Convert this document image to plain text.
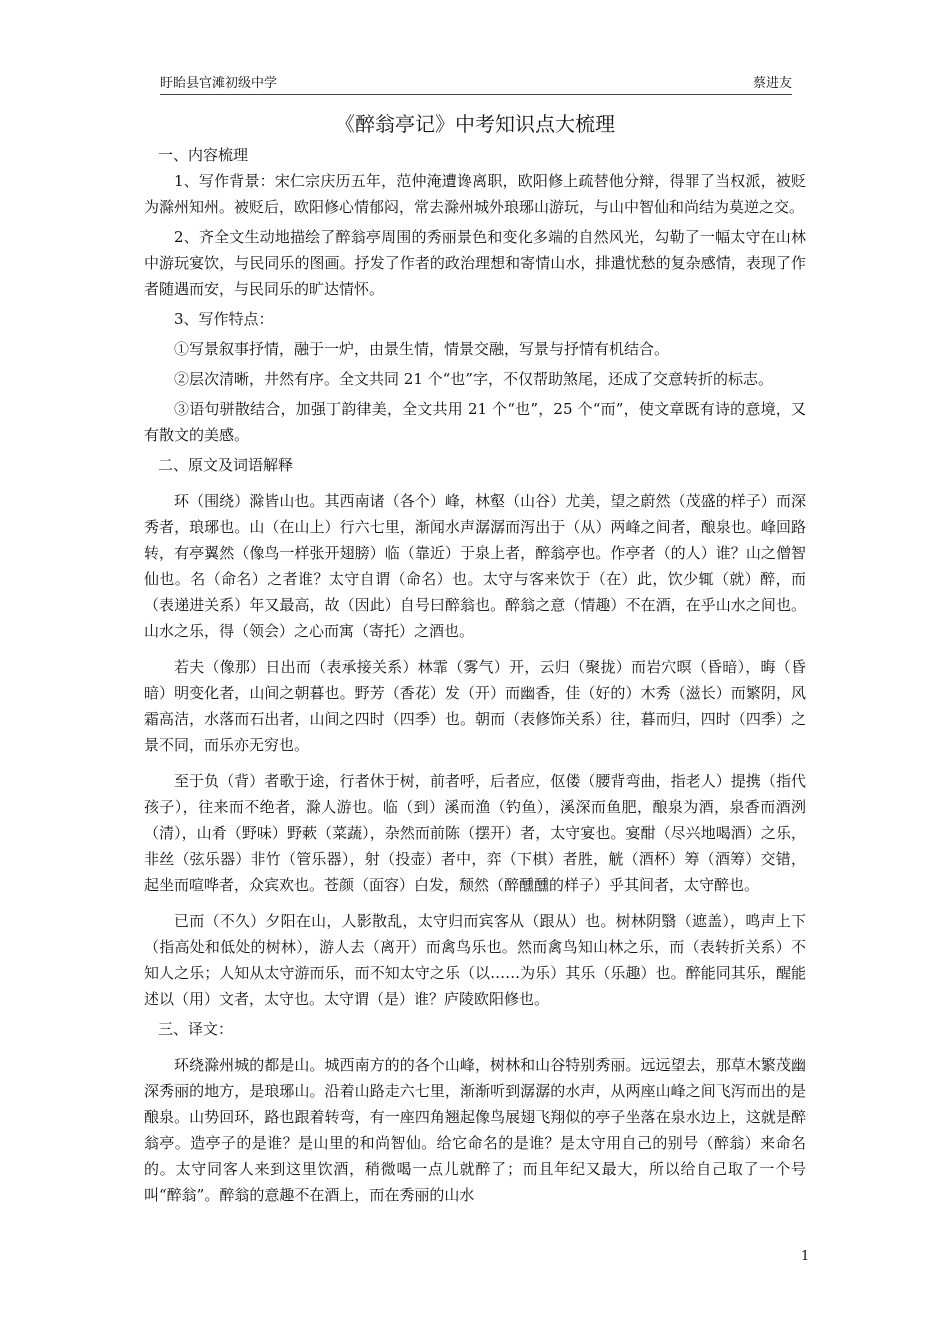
盱眙县官滩初级中学	蔡进友
《醉翁亭记》中考知识点大梳理
一、内容梳理
1、写作背景：宋仁宗庆历五年，范仲淹遭谗离职，欧阳修上疏替他分辩，得罪了当权派，被贬为滁州知州。被贬后，欧阳修心情郁闷，常去滁州城外琅琊山游玩，与山中智仙和尚结为莫逆之交。
2、齐全文生动地描绘了醉翁亭周围的秀丽景色和变化多端的自然风光，勾勒了一幅太守在山林中游玩宴饮，与民同乐的图画。抒发了作者的政治理想和寄情山水，排遣忧愁的复杂感情，表现了作者随遇而安，与民同乐的旷达情怀。
3、写作特点：
①写景叙事抒情，融于一炉，由景生情，情景交融，写景与抒情有机结合。
②层次清晰，井然有序。全文共同 21 个“也”字，不仅帮助煞尾，还成了交意转折的标志。
③语句骈散结合，加强丁韵律美，全文共用 21 个“也”，25 个“而”，使文章既有诗的意境，又有散文的美感。
二、原文及词语解释
环（围绕）滁皆山也。其西南诸（各个）峰，林壑（山谷）尤美，望之蔚然（茂盛的样子）而深秀者，琅琊也。山（在山上）行六七里，渐闻水声潺潺而泻出于（从）两峰之间者，酿泉也。峰回路转，有亭翼然（像鸟一样张开翅膀）临（靠近）于泉上者，醉翁亭也。作亭者（的人）谁？山之僧智仙也。名（命名）之者谁？太守自谓（命名）也。太守与客来饮于（在）此，饮少辄（就）醉，而（表递进关系）年又最高，故（因此）自号曰醉翁也。醉翁之意（情趣）不在酒，在乎山水之间也。山水之乐，得（领会）之心而寓（寄托）之酒也。
若夫（像那）日出而（表承接关系）林霏（雾气）开，云归（聚拢）而岩穴暝（昏暗），晦（昏暗）明变化者，山间之朝暮也。野芳（香花）发（开）而幽香，佳（好的）木秀（滋长）而繁阴，风霜高洁，水落而石出者，山间之四时（四季）也。朝而（表修饰关系）往，暮而归，四时（四季）之景不同，而乐亦无穷也。
至于负（背）者歌于途，行者休于树，前者呼，后者应，伛偻（腰背弯曲，指老人）提携（指代孩子），往来而不绝者，滁人游也。临（到）溪而渔（钓鱼），溪深而鱼肥，酿泉为酒，泉香而酒洌（清），山肴（野味）野蔌（菜蔬），杂然而前陈（摆开）者，太守宴也。宴酣（尽兴地喝酒）之乐，非丝（弦乐器）非竹（管乐器），射（投壶）者中，弈（下棋）者胜，觥（酒杯）筹（酒筹）交错，起坐而喧哗者，众宾欢也。苍颜（面容）白发，颓然（醉醺醺的样子）乎其间者，太守醉也。
已而（不久）夕阳在山，人影散乱，太守归而宾客从（跟从）也。树林阴翳（遮盖），鸣声上下（指高处和低处的树林），游人去（离开）而禽鸟乐也。然而禽鸟知山林之乐，而（表转折关系）不知人之乐；人知从太守游而乐，而不知太守之乐（以……为乐）其乐（乐趣）也。醉能同其乐，醒能述以（用）文者，太守也。太守谓（是）谁？庐陵欧阳修也。
三、译文：
环绕滁州城的都是山。城西南方的的各个山峰，树林和山谷特别秀丽。远远望去，那草木繁茂幽深秀丽的地方，是琅琊山。沿着山路走六七里，渐渐听到潺潺的水声，从两座山峰之间飞泻而出的是酿泉。山势回环，路也跟着转弯，有一座四角翘起像鸟展翅飞翔似的亭子坐落在泉水边上，这就是醉翁亭。造亭子的是谁？是山里的和尚智仙。给它命名的是谁？是太守用自己的别号（醉翁）来命名的。太守同客人来到这里饮酒，稍微喝一点儿就醉了；而且年纪又最大，所以给自己取了一个号叫“醉翁”。醉翁的意趣不在酒上，而在秀丽的山水
1
